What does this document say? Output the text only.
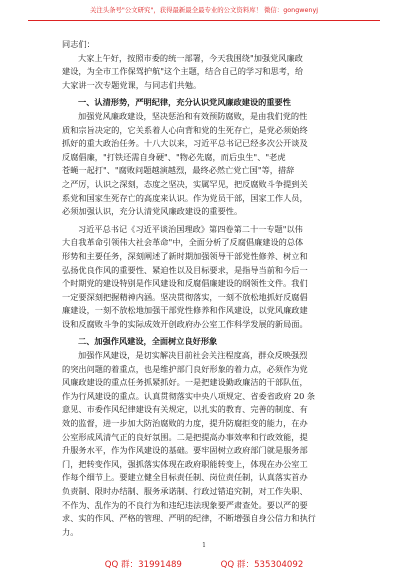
关注头条号"公文研究"，获得最新最全最专业的公文资料库！ 微信：gongwenyj

同志们：

大家上午好，按照市委的统一部署，今天我围绕"加强党风廉政
建设，为全市工作保驾护航"这个主题，结合自己的学习和思考，给
大家讲一次专题党课，与同志们共勉。

一、认清形势，严明纪律，充分认识党风廉政建设的重要性

加强党风廉政建设，坚决惩治和有效预防腐败，是由我们党的性
质和宗旨决定的，它关系着人心向背和党的生死存亡，是党必须始终
抓好的重大政治任务。十八大以来，习近平总书记已经多次公开谈及
反腐倡廉，"打铁还需自身硬"、"物必先腐，而后虫生"、"老虎
苍蝇一起打"、"腐败问题越演越烈，最终必然亡党亡国"等，措辞
之严厉，认识之深刻，态度之坚决，实属罕见，把反腐败斗争提到关
系党和国家生死存亡的高度来认识。作为党员干部，国家工作人员，
必须加强认识，充分认清党风廉政建设的重要性。
习近平总书记《习近平谈治国理政》第四卷第二十一专题"以伟
大自我革命引领伟大社会革命"中，全面分析了反腐倡廉建设的总体
形势和主要任务，深刻阐述了新时期加强领导干部党性修养、树立和
弘扬优良作风的重要性、紧迫性以及目标要求，是指导当前和今后一
个时期党的建设特别是作风建设和反腐倡廉建设的纲领性文件。我们
一定要深刻把握精神内涵。坚决贯彻落实，一刻不放松地抓好反腐倡
廉建设，一刻不放松地加强干部党性修养和作风建设，以党风廉政建
设和反腐败斗争的实际成效开创政府办公室工作科学发展的新局面。

二、加强作风建设，全面树立良好形象

加强作风建设，是切实解决目前社会关注程度高，群众反映强烈
的突出问题的着重点，也是维护部门良好形象的着力点，必须作为党
风廉政建设的重点任务抓紧抓好。一是把建设勤政廉洁的干部队伍，
作为行风建设的重点。认真贯彻落实中央八项规定、省委省政府 20 条
意见、市委作风纪律建设有关规定，以扎实的教育、完善的制度、有
效的监督，进一步加大防治腐败的力度，提升防腐拒变的能力，在办
公室形成风清气正的良好氛围。二是把提高办事效率和行政效能，提
升服务水平，作为作风建设的基础。要牢固树立政府部门就是服务部
门，把转变作风，强抓落实体现在政府职能转变上，体现在办公室工
作每个细节上。要建立健全目标责任制、岗位责任制，认真落实首办
负责制、限时办结制、服务承诺制、行政过错追究制，对工作失职、
不作为、乱作为的不良行为和违纪违法现象要严肃查处。要以严的要
求、实的作风、严格的管理、严明的纪律，不断增强自身公信力和执行
力。
1
QQ 群：31991489	QQ 群：535304092
